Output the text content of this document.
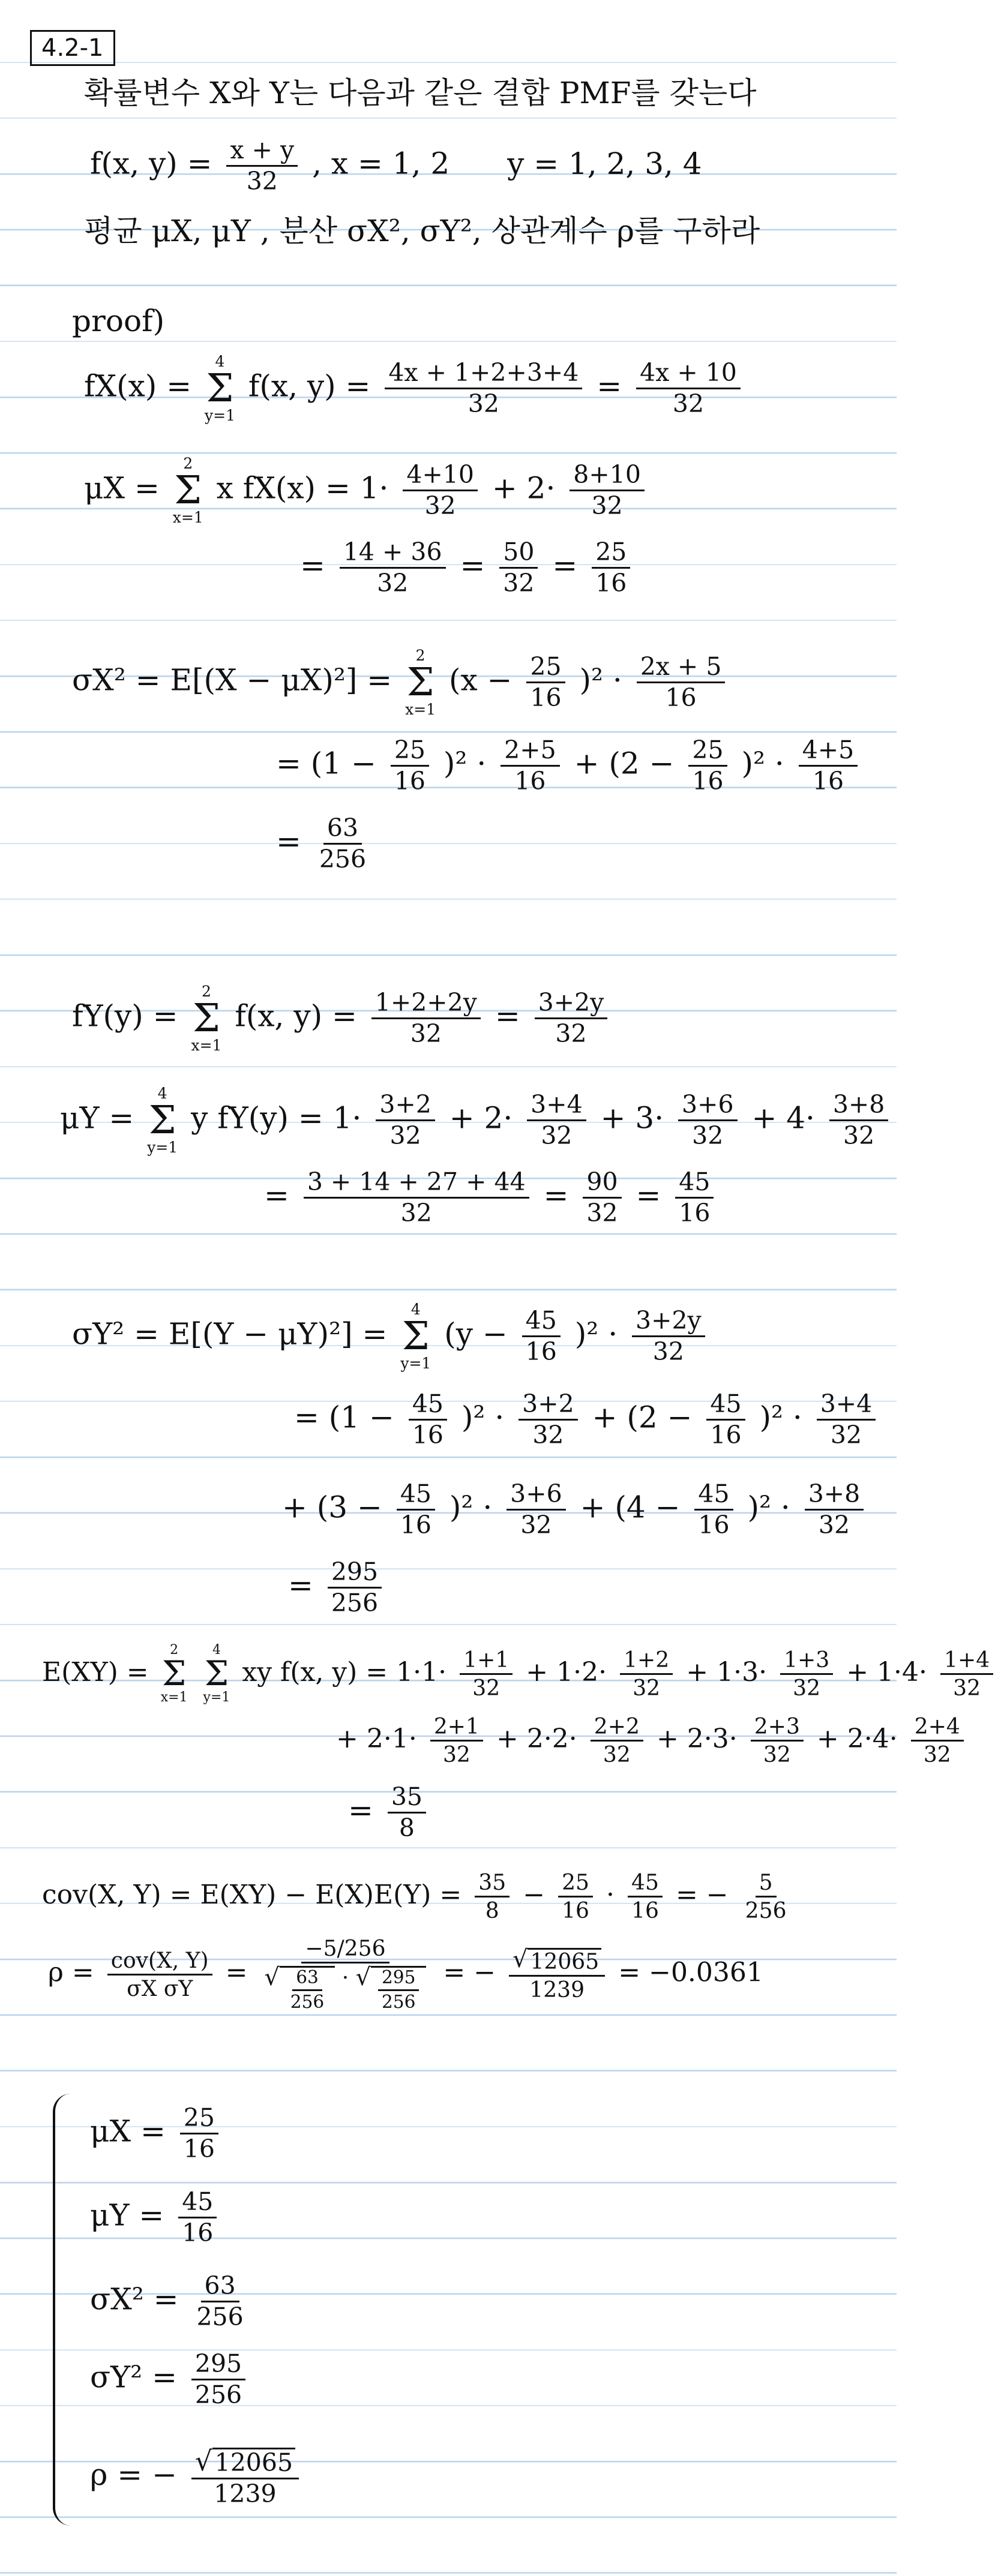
4.2-1
확률변수 X와 Y는 다음과 같은 결합 PMF를 갖는다
f(x, $y) = \frac{x + y}{32}$ , x = 1, 2 y = 1, 2, 3, 4
평균 μX, μY , 분산 σX², σY², 상관계수 ρ를 구하라
proof)
fX(x) =
4
Σ
y=1
f(x, $y) = \frac{4x + 1+2+3+4}{32} = \frac{4x + 10}{32}$
μX =
2
Σ
x=1
x $fX(x) = 1\cdot \frac{4+10}{32} + 2\cdot \frac{8+10}{32}$
= $\frac{14 + 36}{32} = \frac{50}{32} = \frac{25}{16}$
σX² = E[(X − μX)²] =
2
Σ
x=1
$(x - \frac{25}{16} )^2 \cdot \frac{2x + 5}{16}$
= $(1 - \frac{25}{16} )^2 \cdot \frac{2+5}{16} + (2 - \frac{25}{16} )^2 \cdot \frac{4+5}{16}$
= $\frac{63}{256}$
fY(y) =
2
Σ
x=1
f(x, $y) = \frac{1+2+2y}{32} = \frac{3+2y}{32}$
μY =
4
Σ
y=1
y $fY(y) = 1\cdot \frac{3+2}{32} + 2\cdot \frac{3+4}{32} + 3\cdot \frac{3+6}{32} + 4\cdot \frac{3+8}{32}$
= $\frac{3 + 14 + 27 + 44}{32} = \frac{90}{32} = \frac{45}{16}$
σY² = E[(Y − μY)²] =
4
Σ
y=1
$(y - \frac{45}{16} )^2 \cdot \frac{3+2y}{32}$
= $(1 - \frac{45}{16} )^2 \cdot \frac{3+2}{32} + (2 - \frac{45}{16} )^2 \cdot \frac{3+4}{32}$
+ $(3 - \frac{45}{16} )^2 \cdot \frac{3+6}{32} + (4 - \frac{45}{16} )^2 \cdot \frac{3+8}{32}$
= $\frac{295}{256}$
E(XY) =
2
Σ
x=1

4
Σ
y=1
xy f(x, $y) = 1\cdot 1\cdot \frac{1+1}{32} + 1\cdot 2\cdot \frac{1+2}{32} + 1\cdot 3\cdot \frac{1+3}{32} + 1\cdot 4\cdot \frac{1+4}{32}$
+ $2\cdot 1\cdot \frac{2+1}{32} + 2\cdot 2\cdot \frac{2+2}{32} + 2\cdot 3\cdot \frac{2+3}{32} + 2\cdot 4\cdot \frac{2+4}{32}$
= $\frac{35}{8}$
cov(X, $Y) = E(XY) - E(X)E(Y) = \frac{35}{8} - \frac{25}{16} \cdot \frac{45}{16}$ = − $\frac{5}{256}$
$\rho = \frac{\text{cov(X, Y)}}{\text{σX σY}} = \frac{-5/256}{√ \frac{63}{256} \cdot √ \frac{295}{256}}$ = − $\frac{√ 12065}{1239} = -0.0361$
$\mu X = \frac{25}{16}$
$\mu Y = \frac{45}{16}$
$\sigma X^2 = \frac{63}{256}$
$\sigma Y^2 = \frac{295}{256}$
ρ = − $\frac{√ 12065}{1239}$
